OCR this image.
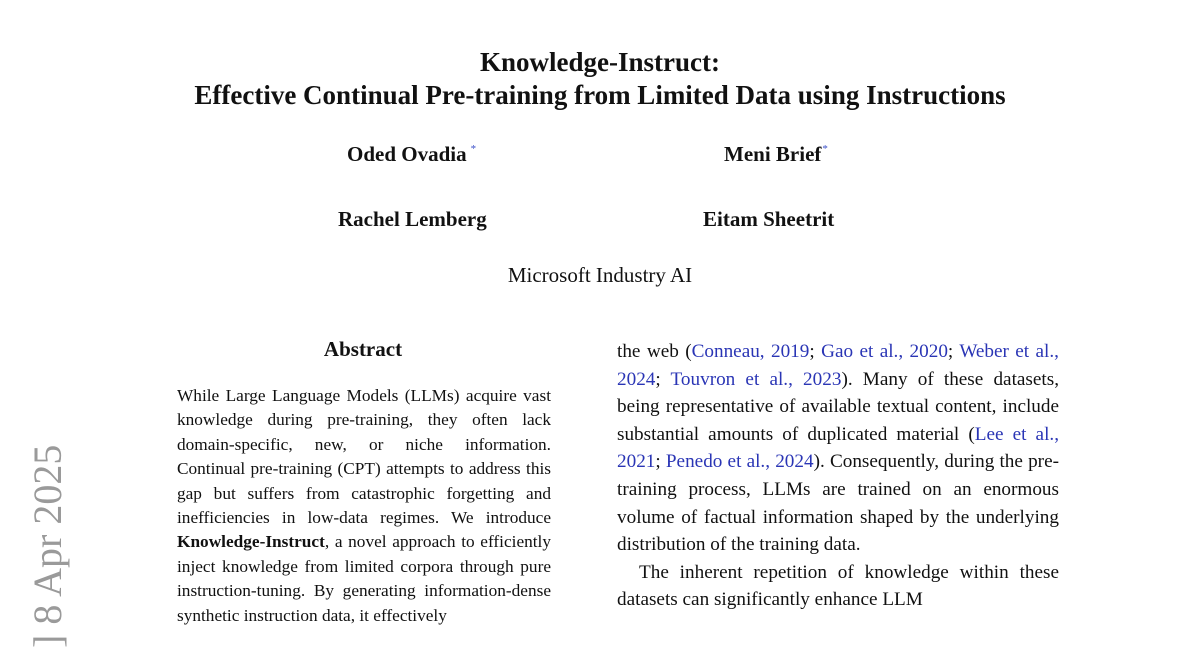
Knowledge-Instruct:
Effective Continual Pre-training from Limited Data using Instructions
Oded Ovadia *	Meni Brief*
Rachel Lemberg	Eitam Sheetrit
Microsoft Industry AI
Abstract
While Large Language Models (LLMs) acquire vast knowledge during pre-training, they often lack domain-specific, new, or niche information. Continual pre-training (CPT) attempts to address this gap but suffers from catastrophic forgetting and inefficiencies in low-data regimes. We introduce Knowledge-Instruct, a novel approach to efficiently inject knowledge from limited corpora through pure instruction-tuning. By generating information-dense synthetic instruction data, it effectively

the web (Conneau, 2019; Gao et al., 2020; Weber et al., 2024; Touvron et al., 2023). Many of these datasets, being representative of available textual content, include substantial amounts of duplicated material (Lee et al., 2021; Penedo et al., 2024). Consequently, during the pre-training process, LLMs are trained on an enormous volume of factual information shaped by the underlying distribution of the training data.

The inherent repetition of knowledge within these datasets can significantly enhance LLM

] 8 Apr 2025
